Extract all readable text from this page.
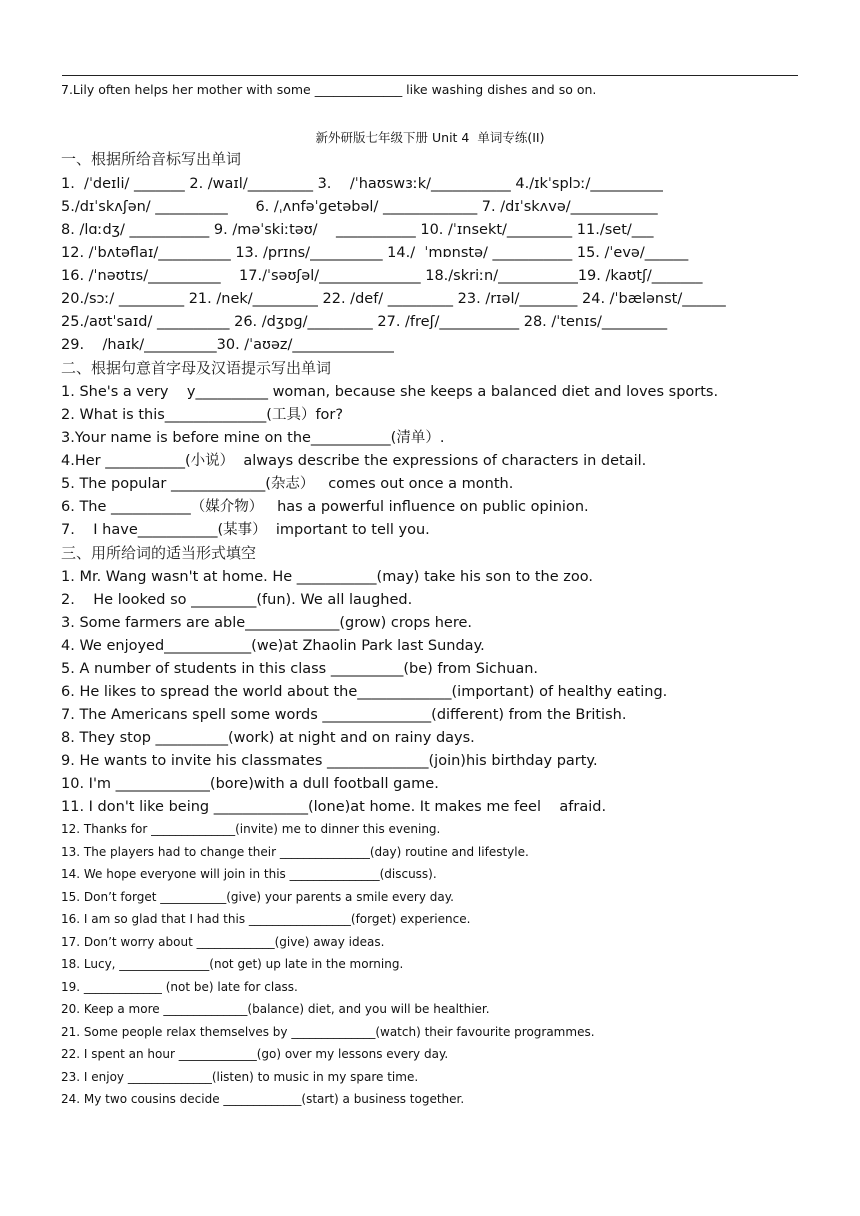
7.Lily often helps her mother with some ______________ like washing dishes and so on.
新外研版七年级下册 Unit 4  单词专练(II)
一、根据所给音标写出单词
1.  /ˈdeɪli/ _______ 2. /waɪl/_________ 3.    /ˈhaʊswɜːk/___________ 4./ɪkˈsplɔː/__________
5./dɪˈskʌʃən/ __________      6. /ˌʌnfəˈɡetəbəl/ _____________ 7. /dɪˈskʌvə/____________
8. /lɑːdʒ/ ___________ 9. /məˈskiːtəʊ/    ___________ 10. /ˈɪnsekt/_________ 11./set/___
12. /ˈbʌtəflaɪ/__________ 13. /prɪns/__________ 14./  ˈmɒnstə/ ___________ 15. /ˈevə/______
16. /ˈnəʊtɪs/__________    17./ˈsəʊʃəl/______________ 18./skriːn/___________19. /kaʊtʃ/_______
20./sɔː/ _________ 21. /nek/_________ 22. /def/ _________ 23. /rɪəl/________ 24. /ˈbælənst/______
25./aʊtˈsaɪd/ __________ 26. /dʒɒɡ/_________ 27. /freʃ/___________ 28. /ˈtenɪs/_________
29.    /haɪk/__________30. /ˈaʊəz/______________
二、根据句意首字母及汉语提示写出单词
1. She's a very    y__________ woman, because she keeps a balanced diet and loves sports.
2. What is this______________(工具）for?
3.Your name is before mine on the___________(清单）.
4.Her ___________(小说）  always describe the expressions of characters in detail.
5. The popular _____________(杂志）   comes out once a month.
6. The ___________（媒介物）   has a powerful influence on public opinion.
7.    I have___________(某事）  important to tell you.
三、用所给词的适当形式填空
1. Mr. Wang wasn't at home. He ___________(may) take his son to the zoo.
2.    He looked so _________(fun). We all laughed.
3. Some farmers are able_____________(grow) crops here.
4. We enjoyed____________(we)at Zhaolin Park last Sunday.
5. A number of students in this class __________(be) from Sichuan.
6. He likes to spread the world about the_____________(important) of healthy eating.
7. The Americans spell some words _______________(different) from the British.
8. They stop __________(work) at night and on rainy days.
9. He wants to invite his classmates ______________(join)his birthday party.
10. I'm _____________(bore)with a dull football game.
11. I don't like being _____________(lone)at home. It makes me feel    afraid.
12. Thanks for ______________(invite) me to dinner this evening.
13. The players had to change their _______________(day) routine and lifestyle.
14. We hope everyone will join in this _______________(discuss).
15. Don’t forget ___________(give) your parents a smile every day.
16. I am so glad that I had this _________________(forget) experience.
17. Don’t worry about _____________(give) away ideas.
18. Lucy, _______________(not get) up late in the morning.
19. _____________ (not be) late for class.
20. Keep a more ______________(balance) diet, and you will be healthier.
21. Some people relax themselves by ______________(watch) their favourite programmes.
22. I spent an hour _____________(go) over my lessons every day.
23. I enjoy ______________(listen) to music in my spare time.
24. My two cousins decide _____________(start) a business together.
